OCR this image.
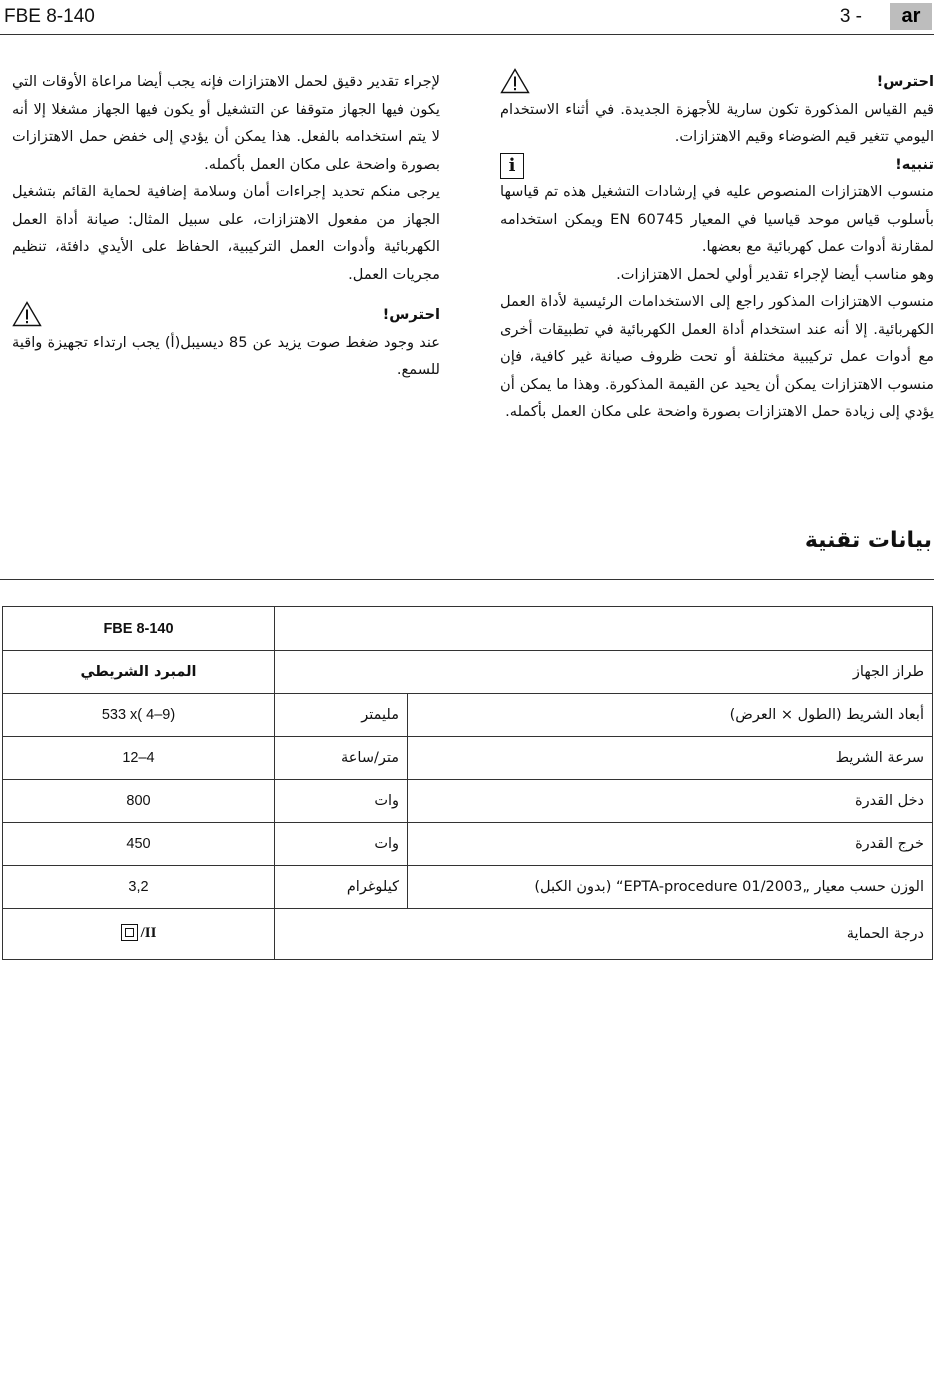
FBE 8-140	3 -	ar
احترس!

قيم القياس المذكورة تكون سارية للأجهزة الجديدة. في أثناء الاستخدام اليومي تتغير قيم الضوضاء وقيم الاهتزازات.

تنبيه!
i

منسوب الاهتزازات المنصوص عليه في إرشادات التشغيل هذه تم قياسها بأسلوب قياس موحد قياسيا في المعيار EN 60745 ويمكن استخدامه لمقارنة أدوات عمل كهربائية مع بعضها.

وهو مناسب أيضا لإجراء تقدير أولي لحمل الاهتزازات.

منسوب الاهتزازات المذكور راجع إلى الاستخدامات الرئيسية لأداة العمل الكهربائية. إلا أنه عند استخدام أداة العمل الكهربائية في تطبيقات أخرى مع أدوات عمل تركيبية مختلفة أو تحت ظروف صيانة غير كافية، فإن منسوب الاهتزازات يمكن أن يحيد عن القيمة المذكورة. وهذا ما يمكن أن يؤدي إلى زيادة حمل الاهتزازات بصورة واضحة على مكان العمل بأكمله.

لإجراء تقدير دقيق لحمل الاهتزازات فإنه يجب أيضا مراعاة الأوقات التي يكون فيها الجهاز متوقفا عن التشغيل أو يكون فيها الجهاز مشغلا إلا أنه لا يتم استخدامه بالفعل. هذا يمكن أن يؤدي إلى خفض حمل الاهتزازات بصورة واضحة على مكان العمل بأكمله.

يرجى منكم تحديد إجراءات أمان وسلامة إضافية لحماية القائم بتشغيل الجهاز من مفعول الاهتزازات، على سبيل المثال: صيانة أداة العمل الكهربائية وأدوات العمل التركيبية، الحفاظ على الأيدي دافئة، تنظيم مجريات العمل.

احترس!

عند وجود ضغط صوت يزيد عن 85 ديسيبل(أ) يجب ارتداء تجهيزة واقية للسمع.

بيانات تقنية
FBE 8-140		
المبرد الشريطي	طراز الجهاز	
533 x( 4–9)	مليمتر	أبعاد الشريط (الطول × العرض)
12–4	متر/ساعة	سرعة الشريط
800	وات	دخل القدرة
450	وات	خرج القدرة
3,2	كيلوغرام	الوزن حسب معيار „EPTA-procedure 01/2003“ (بدون الكبل)

/II	درجة الحماية	
